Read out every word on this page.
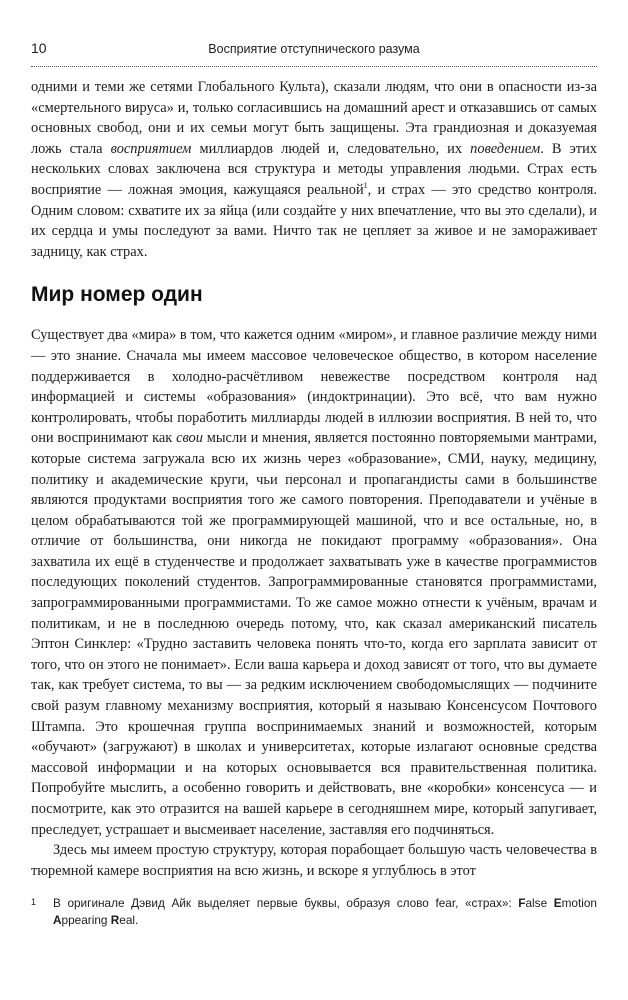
10	Восприятие отступнического разума

одними и теми же сетями Глобального Культа), сказали людям, что они в опасности из-за «смертельного вируса» и, только согласившись на домашний арест и отказавшись от самых основных свобод, они и их семьи могут быть защищены. Эта грандиозная и доказуемая ложь стала восприятием миллиардов людей и, следовательно, их поведением. В этих нескольких словах заключена вся структура и методы управления людьми. Страх есть восприятие — ложная эмоция, кажущаяся реальной$^1$, и страх — это средство контроля. Одним словом: схватите их за яйца (или создайте у них впечатление, что вы это сделали), и их сердца и умы последуют за вами. Ничто так не цепляет за живое и не замораживает задницу, как страх.

Мир номер один

Существует два «мира» в том, что кажется одним «миром», и главное различие между ними — это знание. Сначала мы имеем массовое человеческое общество, в котором население поддерживается в холодно-расчётливом невежестве посредством контроля над информацией и системы «образования» (индоктринации). Это всё, что вам нужно контролировать, чтобы поработить миллиарды людей в иллюзии восприятия. В ней то, что они воспринимают как свои мысли и мнения, является постоянно повторяемыми мантрами, которые система загружала всю их жизнь через «образование», СМИ, науку, медицину, политику и академические круги, чьи персонал и пропагандисты сами в большинстве являются продуктами восприятия того же самого повторения. Преподаватели и учёные в целом обрабатываются той же программирующей машиной, что и все остальные, но, в отличие от большинства, они никогда не покидают программу «образования». Она захватила их ещё в студенчестве и продолжает захватывать уже в качестве программистов последующих поколений студентов. Запрограммированные становятся программистами, запрограммированными программистами. То же самое можно отнести к учёным, врачам и политикам, и не в последнюю очередь потому, что, как сказал американский писатель Эптон Синклер: «Трудно заставить человека понять что-то, когда его зарплата зависит от того, что он этого не понимает». Если ваша карьера и доход зависят от того, что вы думаете так, как требует система, то вы — за редким исключением свободомыслящих — подчините свой разум главному механизму восприятия, который я называю Консенсусом Почтового Штампа. Это крошечная группа воспринимаемых знаний и возможностей, которым «обучают» (загружают) в школах и университетах, которые излагают основные средства массовой информации и на которых основывается вся правительственная политика. Попробуйте мыслить, а особенно говорить и действовать, вне «коробки» консенсуса — и посмотрите, как это отразится на вашей карьере в сегодняшнем мире, который запугивает, преследует, устрашает и высмеивает население, заставляя его подчиняться.

Здесь мы имеем простую структуру, которая порабощает большую часть человечества в тюремной камере восприятия на всю жизнь, и вскоре я углублюсь в этот

1	В оригинале Дэвид Айк выделяет первые буквы, образуя слово fear, «страх»: False Emotion Appearing Real.
